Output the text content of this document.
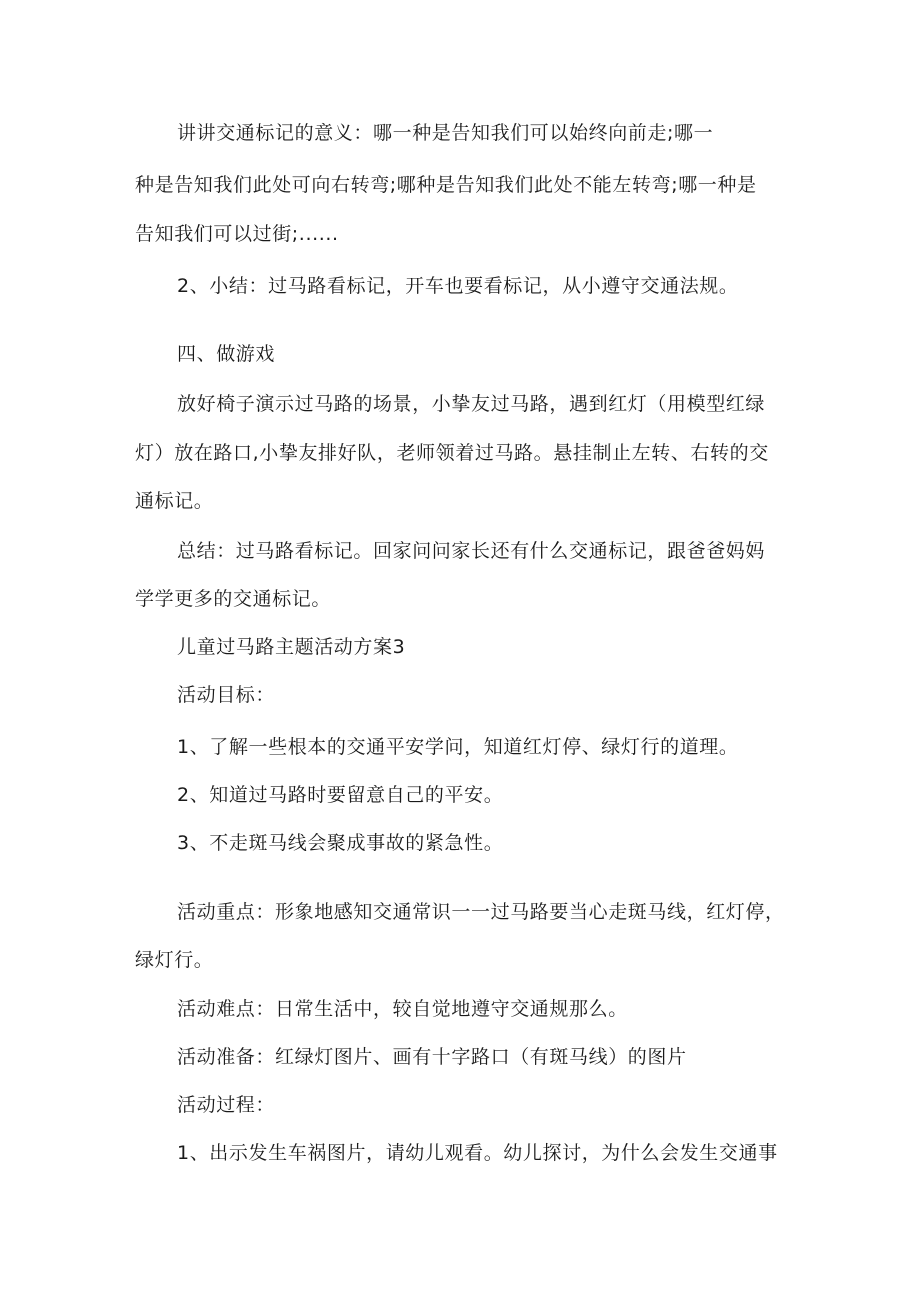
讲讲交通标记的意义：哪一种是告知我们可以始终向前走;哪一
种是告知我们此处可向右转弯;哪种是告知我们此处不能左转弯;哪一种是
告知我们可以过街;......
2、小结：过马路看标记，开车也要看标记，从小遵守交通法规。
四、做游戏
放好椅子演示过马路的场景，小挚友过马路，遇到红灯（用模型红绿
灯）放在路口,小挚友排好队，老师领着过马路。悬挂制止左转、右转的交
通标记。
总结：过马路看标记。回家问问家长还有什么交通标记，跟爸爸妈妈
学学更多的交通标记。
儿童过马路主题活动方案3
活动目标：
1、了解一些根本的交通平安学问，知道红灯停、绿灯行的道理。
2、知道过马路时要留意自己的平安。
3、不走斑马线会聚成事故的紧急性。
活动重点：形象地感知交通常识一一过马路要当心走斑马线，红灯停，
绿灯行。
活动难点：日常生活中，较自觉地遵守交通规那么。
活动准备：红绿灯图片、画有十字路口（有斑马线）的图片
活动过程：
1、出示发生车祸图片，请幼儿观看。幼儿探讨，为什么会发生交通事
